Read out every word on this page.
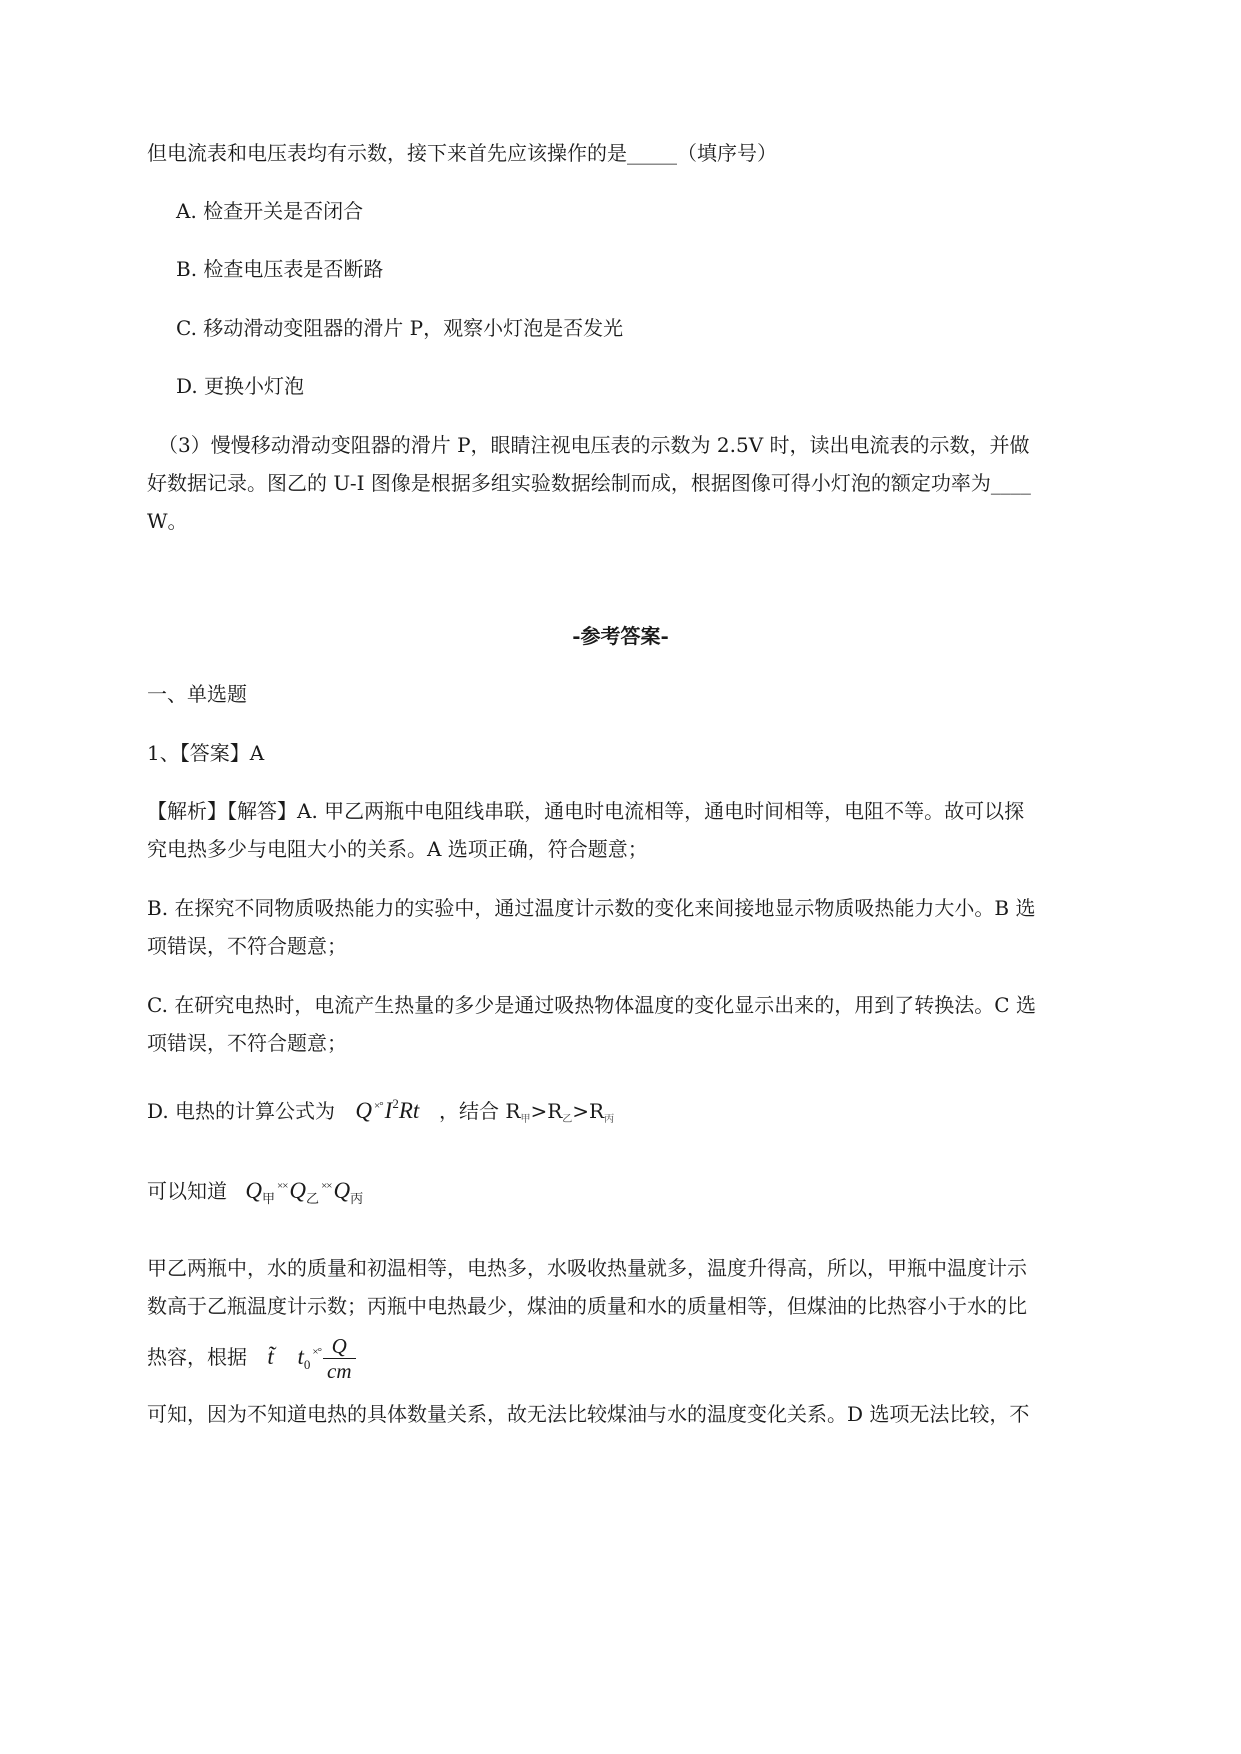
但电流表和电压表均有示数，接下来首先应该操作的是_____（填序号）
A. 检查开关是否闭合
B. 检查电压表是否断路
C. 移动滑动变阻器的滑片 P，观察小灯泡是否发光
D. 更换小灯泡
（3）慢慢移动滑动变阻器的滑片 P，眼睛注视电压表的示数为 2.5V 时，读出电流表的示数，并做
好数据记录。图乙的 U-I 图像是根据多组实验数据绘制而成，根据图像可得小灯泡的额定功率为____
W。
-参考答案-
一、单选题
1、【答案】A
【解析】【解答】A. 甲乙两瓶中电阻线串联，通电时电流相等，通电时间相等，电阻不等。故可以探
究电热多少与电阻大小的关系。A 选项正确，符合题意；
B. 在探究不同物质吸热能力的实验中，通过温度计示数的变化来间接地显示物质吸热能力大小。B 选
项错误，不符合题意；
C. 在研究电热时，电流产生热量的多少是通过吸热物体温度的变化显示出来的，用到了转换法。C 选
项错误，不符合题意；
D. 电热的计算公式为 Q $^{\times^\circ}I^2Rt$ ，结合 $R_甲>R_乙>R_丙$
可以知道 $Q_甲^{\times\times}Q_乙^{\times\times}Q_丙$
甲乙两瓶中，水的质量和初温相等，电热多，水吸收热量就多，温度升得高，所以，甲瓶中温度计示
数高于乙瓶温度计示数；丙瓶中电热最少，煤油的质量和水的质量相等，但煤油的比热容小于水的比
热容，根据 t̃ $t_0^{\times^\circ} \frac{Q}{cm}$
可知，因为不知道电热的具体数量关系，故无法比较煤油与水的温度变化关系。D 选项无法比较，不
